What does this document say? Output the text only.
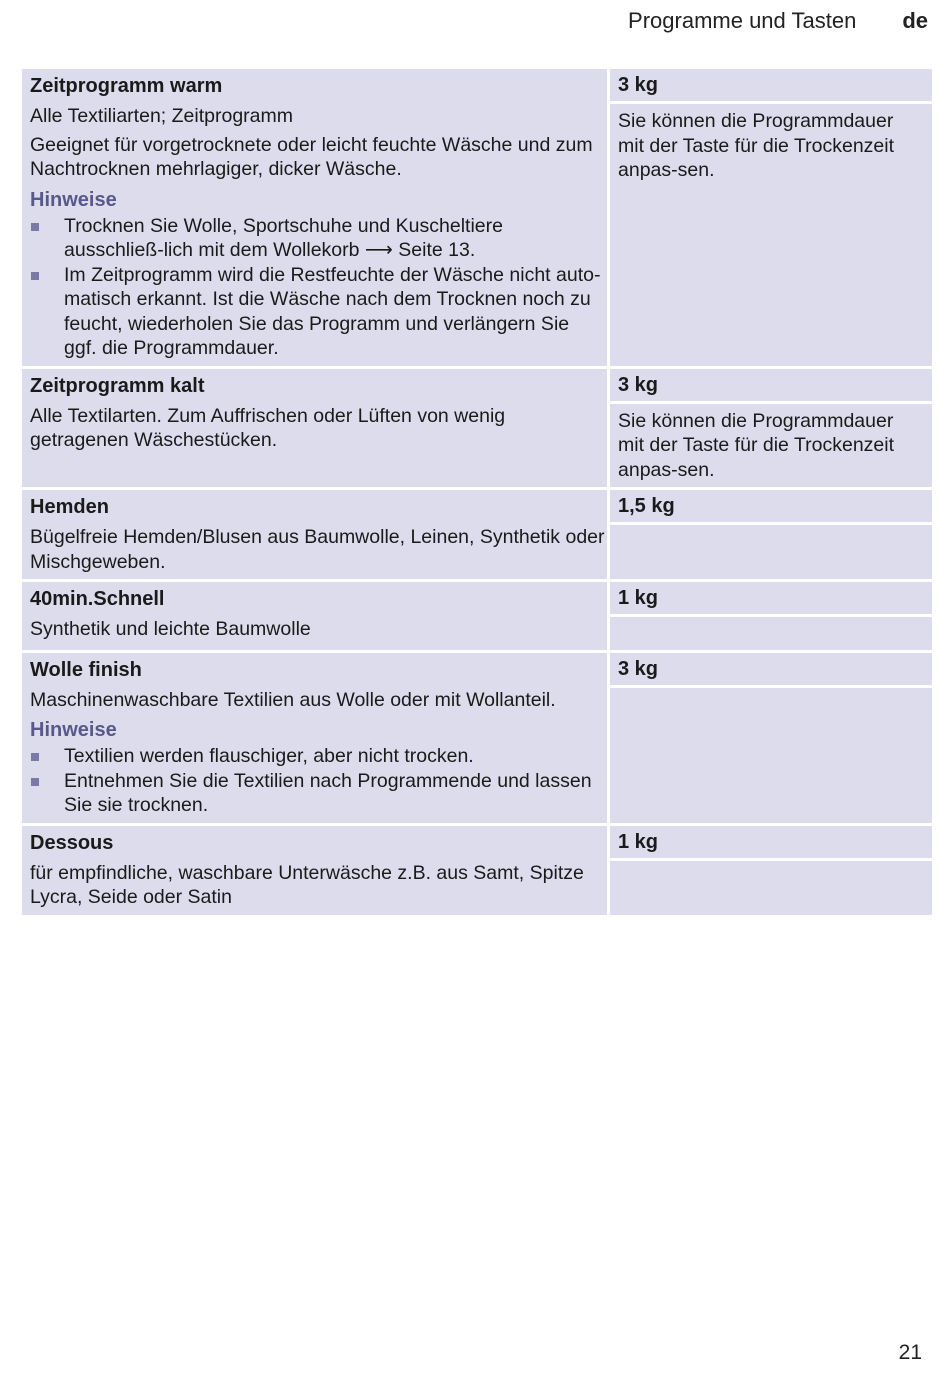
Programme und Tasten de
Zeitprogramm warm
Alle Textiliarten; Zeitprogramm
Geeignet für vorgetrocknete oder leicht feuchte Wäsche und zum Nachtrocknen mehrlagiger, dicker Wäsche.
Hinweise
Trocknen Sie Wolle, Sportschuhe und Kuscheltiere ausschließ-lich mit dem Wollekorb ⟶ Seite 13.
Im Zeitprogramm wird die Restfeuchte der Wäsche nicht auto-matisch erkannt. Ist die Wäsche nach dem Trocknen noch zu feucht, wiederholen Sie das Programm und verlängern Sie ggf. die Programmdauer.
3 kg
Sie können die Programmdauer mit der Taste für die Trockenzeit anpas-sen.
Zeitprogramm kalt
Alle Textilarten. Zum Auffrischen oder Lüften von wenig getragenen Wäschestücken.
3 kg
Sie können die Programmdauer mit der Taste für die Trockenzeit anpas-sen.
Hemden
Bügelfreie Hemden/Blusen aus Baumwolle, Leinen, Synthetik oder Mischgeweben.
1,5 kg
40min.Schnell
Synthetik und leichte Baumwolle
1 kg
Wolle finish
Maschinenwaschbare Textilien aus Wolle oder mit Wollanteil.
Hinweise
Textilien werden flauschiger, aber nicht trocken.
Entnehmen Sie die Textilien nach Programmende und lassen Sie sie trocknen.
3 kg
Dessous
für empfindliche, waschbare Unterwäsche z.B. aus Samt, Spitze Lycra, Seide oder Satin
1 kg
21
